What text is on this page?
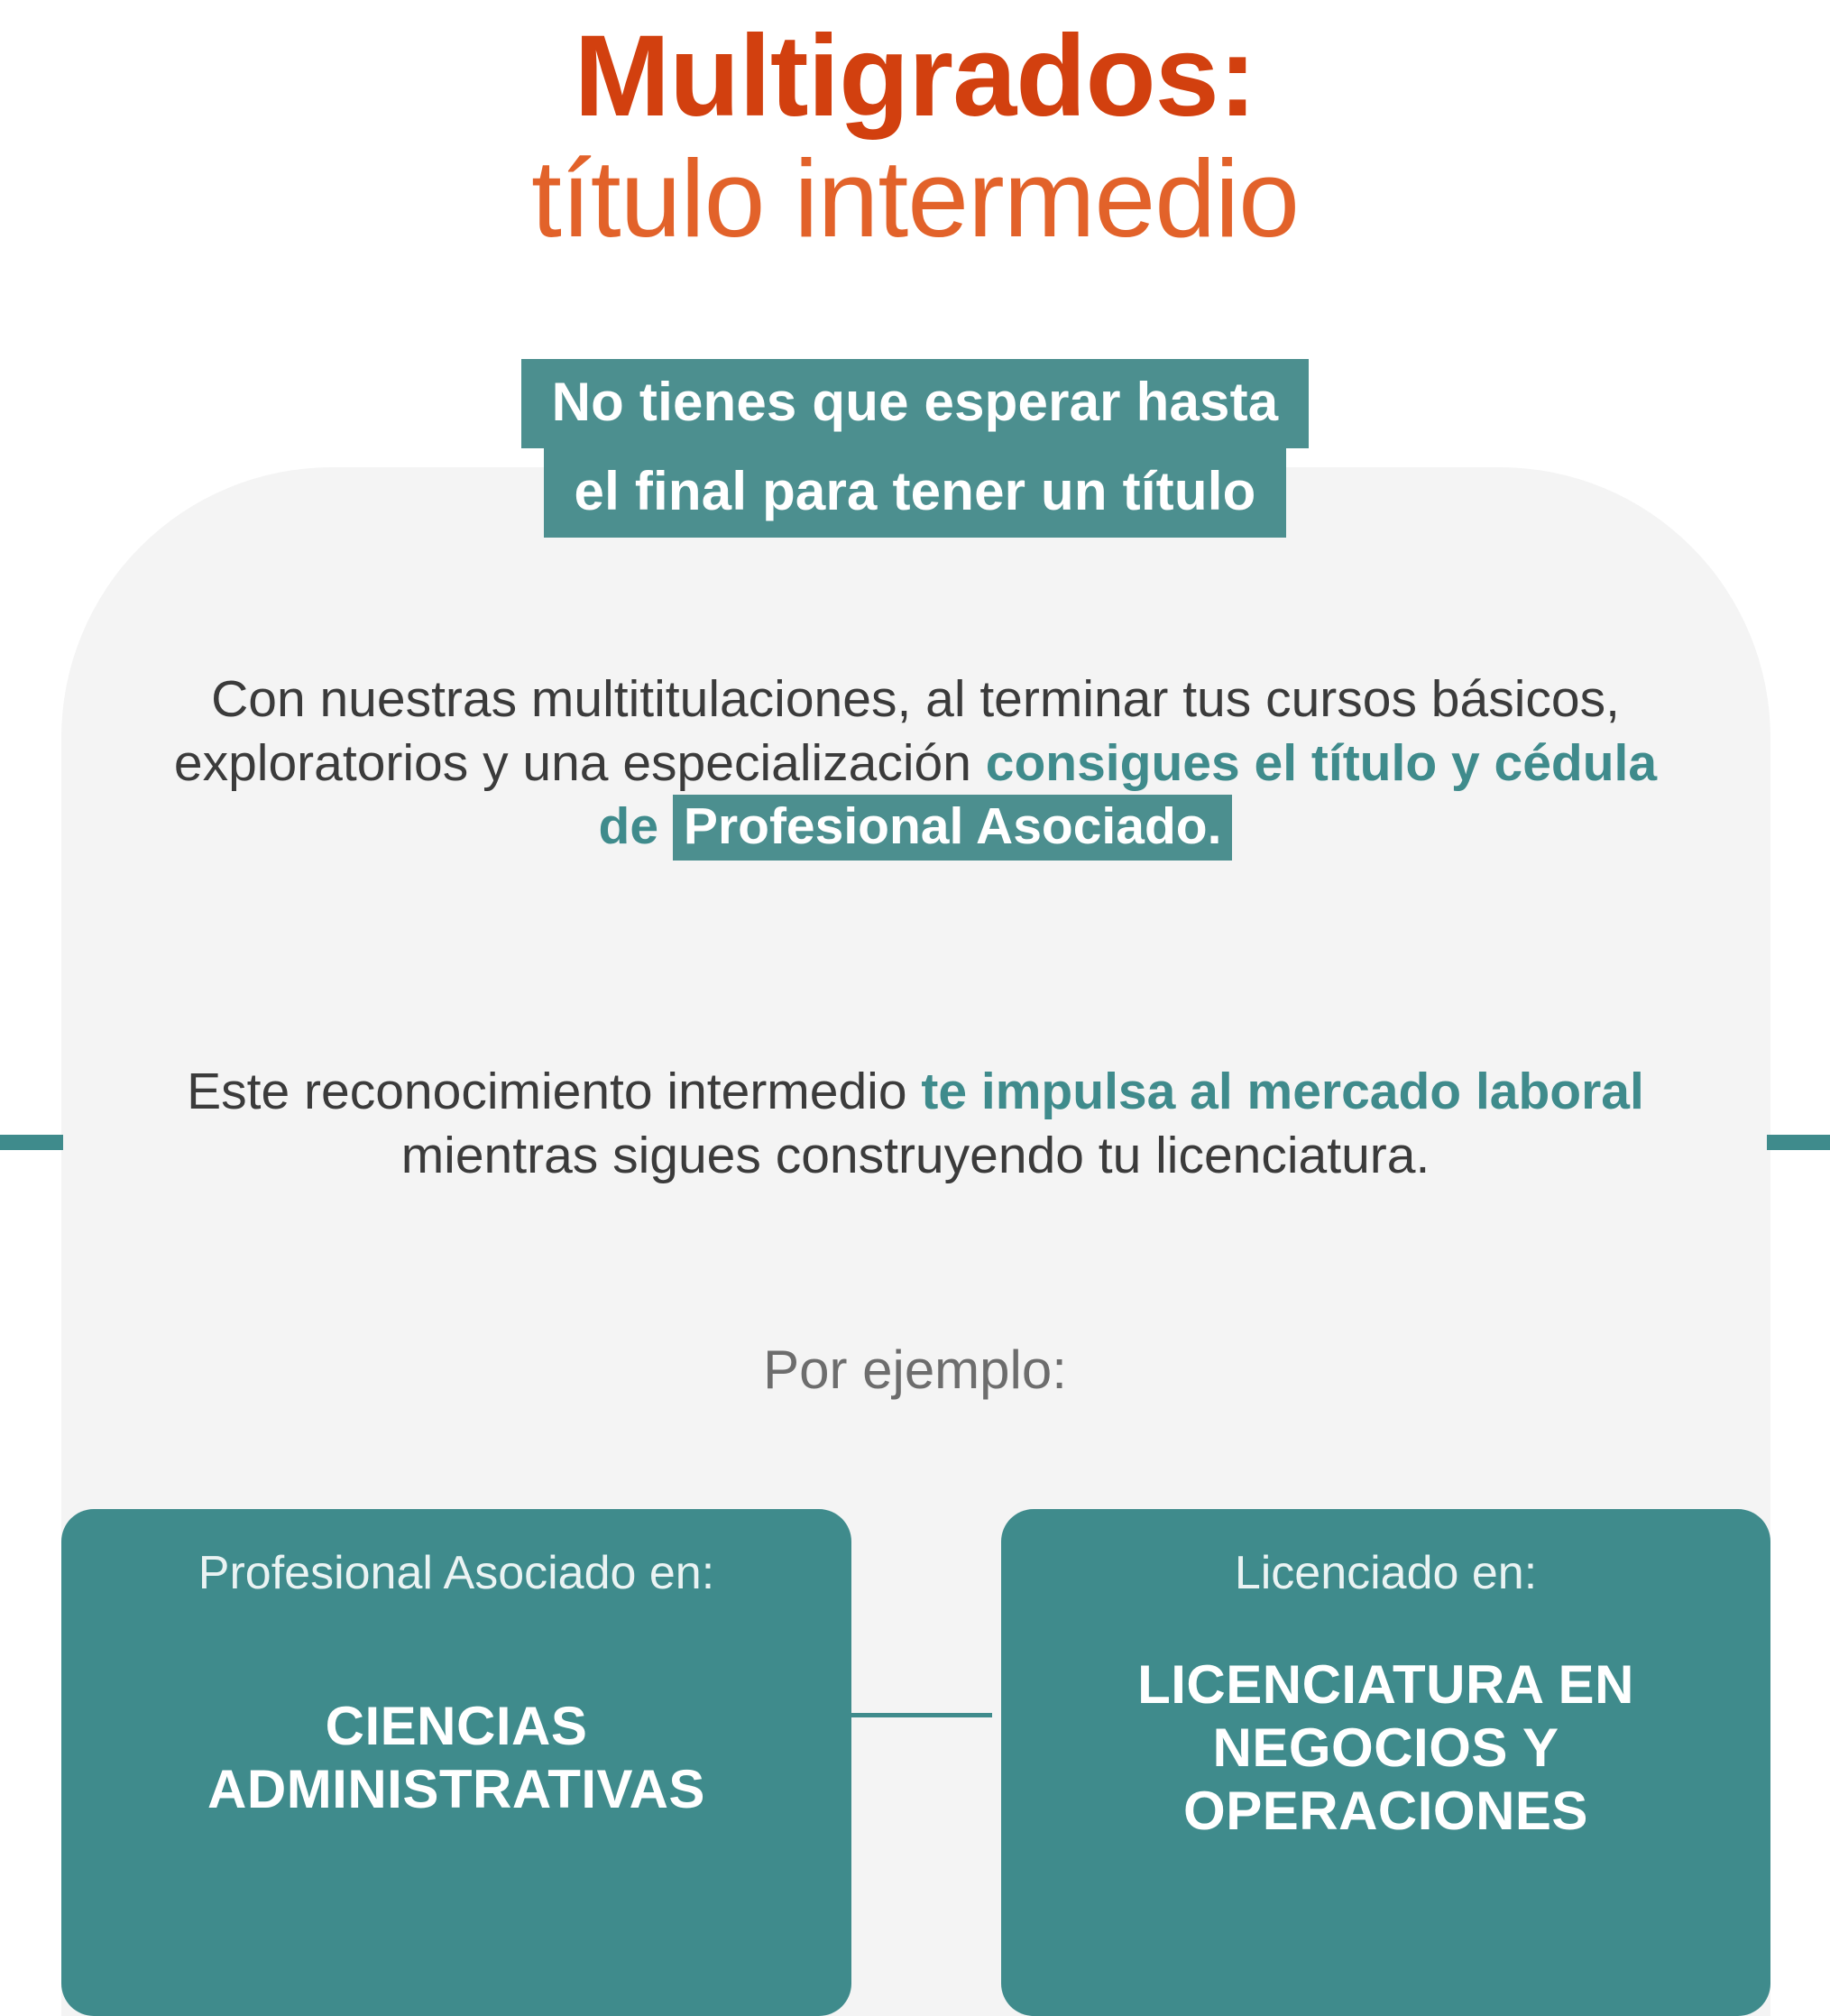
Multigrados:
título intermedio
No tienes que esperar hasta
el final para tener un título
Con nuestras multititulaciones, al terminar tus cursos básicos, exploratorios y una especialización consigues el título y cédula de Profesional Asociado.
Este reconocimiento intermedio te impulsa al mercado laboral mientras sigues construyendo tu licenciatura.
Por ejemplo:
Profesional Asociado en:
CIENCIAS ADMINISTRATIVAS
Licenciado en:
LICENCIATURA EN NEGOCIOS Y OPERACIONES
